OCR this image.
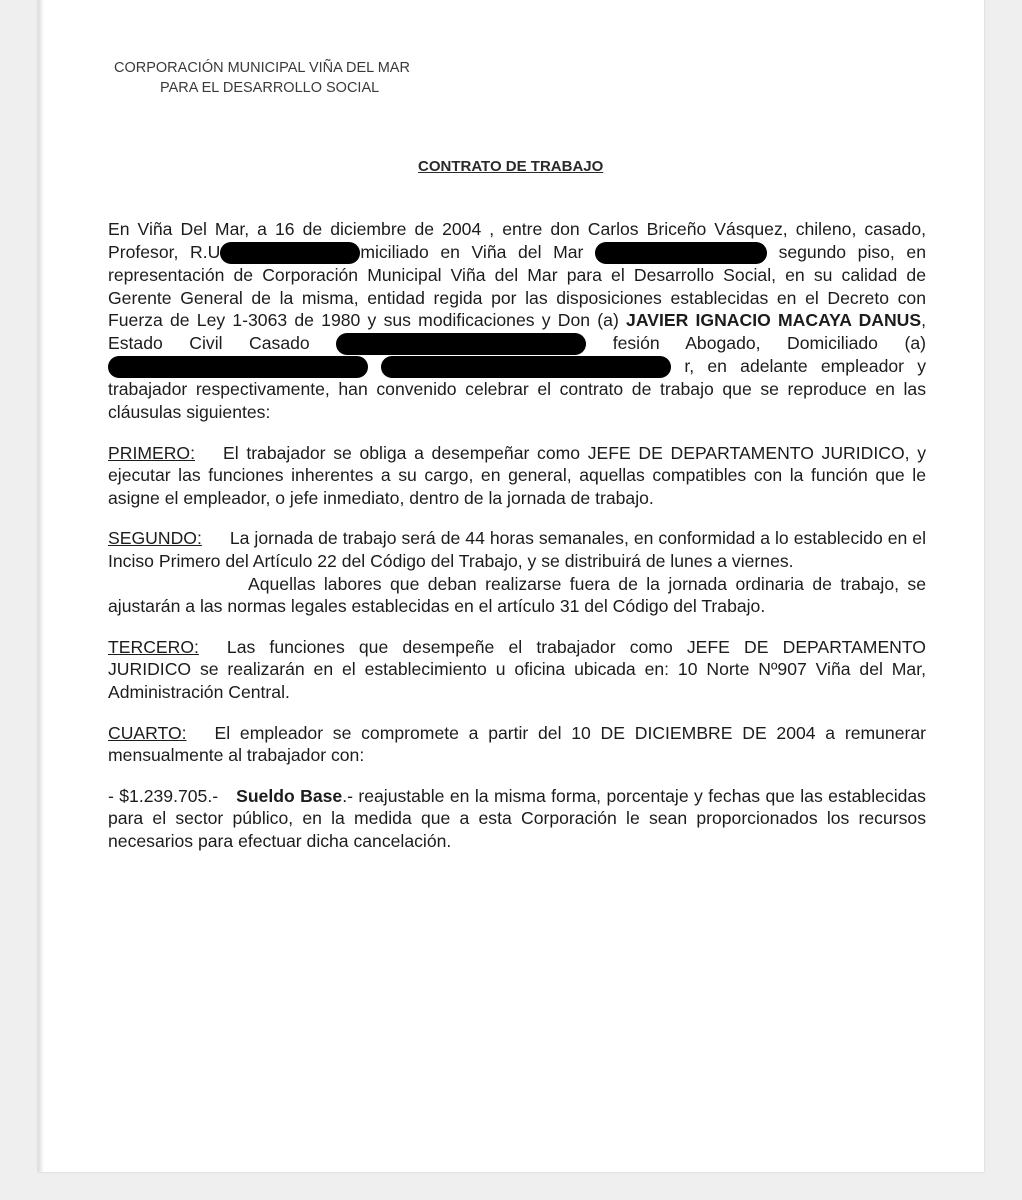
CORPORACIÓN MUNICIPAL VIÑA DEL MAR
PARA EL DESARROLLO SOCIAL
CONTRATO DE TRABAJO

En Viña Del Mar, a 16 de diciembre de 2004 , entre don Carlos Briceño Vásquez, chileno, casado, Profesor, R.U	miciliado en Viña del Mar	segundo piso, en representación de Corporación Municipal Viña del Mar para el Desarrollo Social, en su calidad de Gerente General de la misma, entidad regida por las disposiciones establecidas en el Decreto con Fuerza de Ley 1-3063 de 1980 y sus modificaciones y Don (a) JAVIER IGNACIO MACAYA DANUS, Estado Civil Casado	fesión Abogado, Domiciliado (a)   r, en adelante empleador y trabajador respectivamente, han convenido celebrar el contrato de trabajo que se reproduce en las cláusulas siguientes:

PRIMERO: El trabajador se obliga a desempeñar como JEFE DE DEPARTAMENTO JURIDICO, y ejecutar las funciones inherentes a su cargo, en general, aquellas compatibles con la función que le asigne el empleador, o jefe inmediato, dentro de la jornada de trabajo.

SEGUNDO: La jornada de trabajo será de 44 horas semanales, en conformidad a lo establecido en el Inciso Primero del Artículo 22 del Código del Trabajo, y se distribuirá de lunes a viernes.

Aquellas labores que deban realizarse fuera de la jornada ordinaria de trabajo, se ajustarán a las normas legales establecidas en el artículo 31 del Código del Trabajo.

TERCERO: Las funciones que desempeñe el trabajador como JEFE DE DEPARTAMENTO JURIDICO se realizarán en el establecimiento u oficina ubicada en: 10 Norte Nº907 Viña del Mar, Administración Central.

CUARTO: El empleador se compromete a partir del 10 DE DICIEMBRE DE 2004 a remunerar mensualmente al trabajador con:

- $1.239.705.- Sueldo Base.- reajustable en la misma forma, porcentaje y fechas que las establecidas para el sector público, en la medida que a esta Corporación le sean proporcionados los recursos necesarios para efectuar dicha cancelación.
